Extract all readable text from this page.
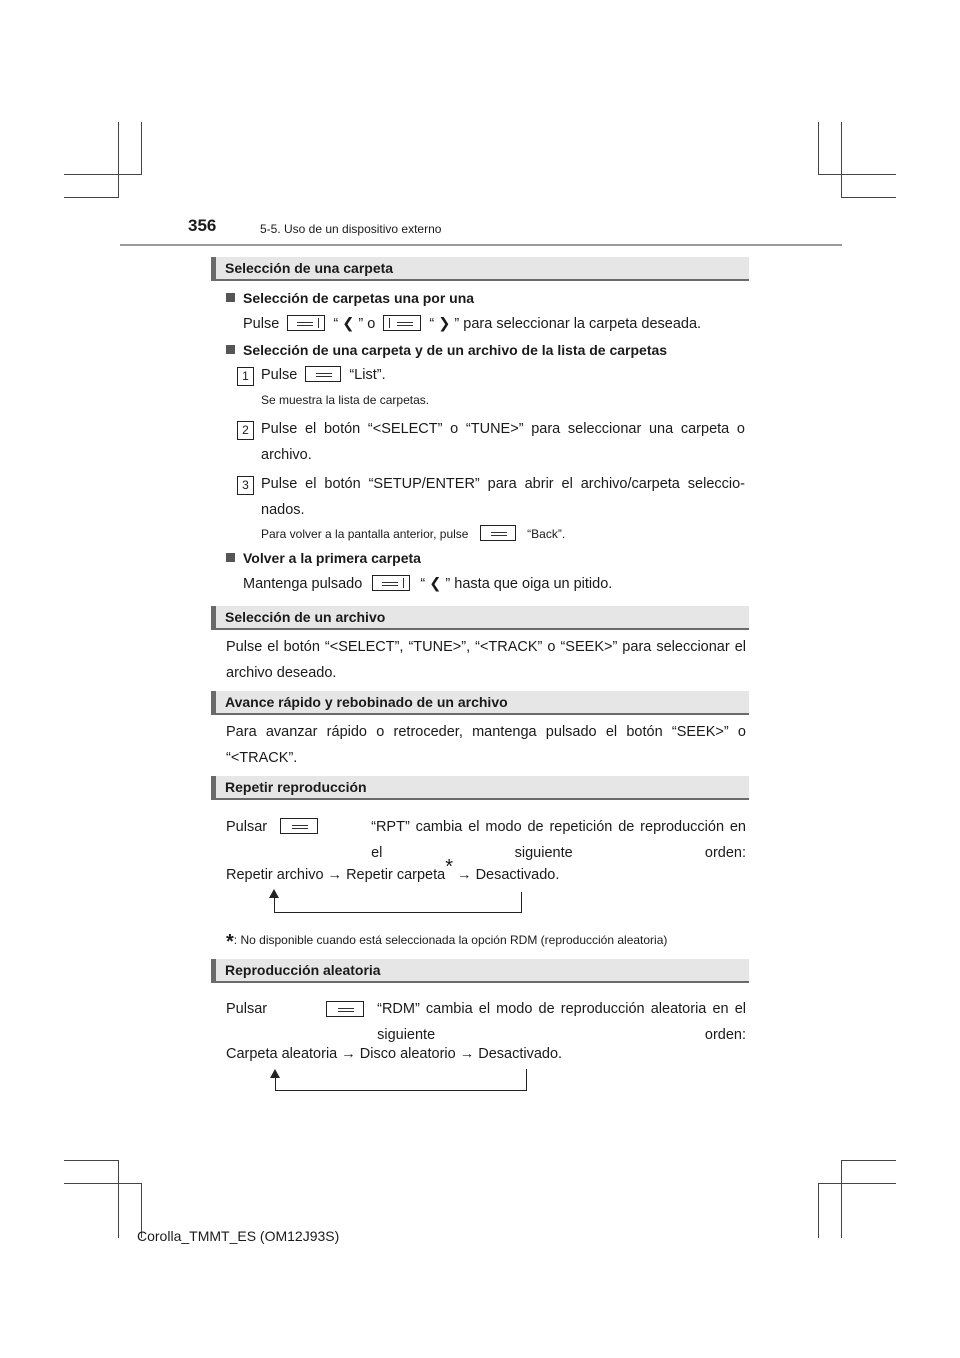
356	5-5. Uso de un dispositivo externo
Selección de una carpeta
Selección de carpetas una por una
Pulse	“ ❮ ” o	“ ❯ ” para seleccionar la carpeta deseada.
Selección de una carpeta y de un archivo de la lista de carpetas
1 Pulse	“List”.
Se muestra la lista de carpetas.
2 Pulse el botón “<SELECT” o “TUNE>” para seleccionar una carpeta o archivo.
3 Pulse el botón “SETUP/ENTER” para abrir el archivo/carpeta seleccio-nados.
Para volver a la pantalla anterior, pulse	“Back”.
Volver a la primera carpeta
Mantenga pulsado	“ ❮ ” hasta que oiga un pitido.
Selección de un archivo
Pulse el botón “<SELECT”, “TUNE>”, “<TRACK” o “SEEK>” para seleccionar el archivo deseado.
Avance rápido y rebobinado de un archivo
Para avanzar rápido o retroceder, mantenga pulsado el botón “SEEK>” o “<TRACK”.
Repetir reproducción

Pulsar	“RPT” cambia el modo de repetición de reproducción en el siguiente orden:
Repetir archivo → Repetir carpeta* → Desactivado.
*: No disponible cuando está seleccionada la opción RDM (reproducción aleatoria)
Reproducción aleatoria
Pulsar	“RDM” cambia el modo de reproducción aleatoria en el siguiente orden:
Carpeta aleatoria → Disco aleatorio → Desactivado.
Corolla_TMMT_ES (OM12J93S)
